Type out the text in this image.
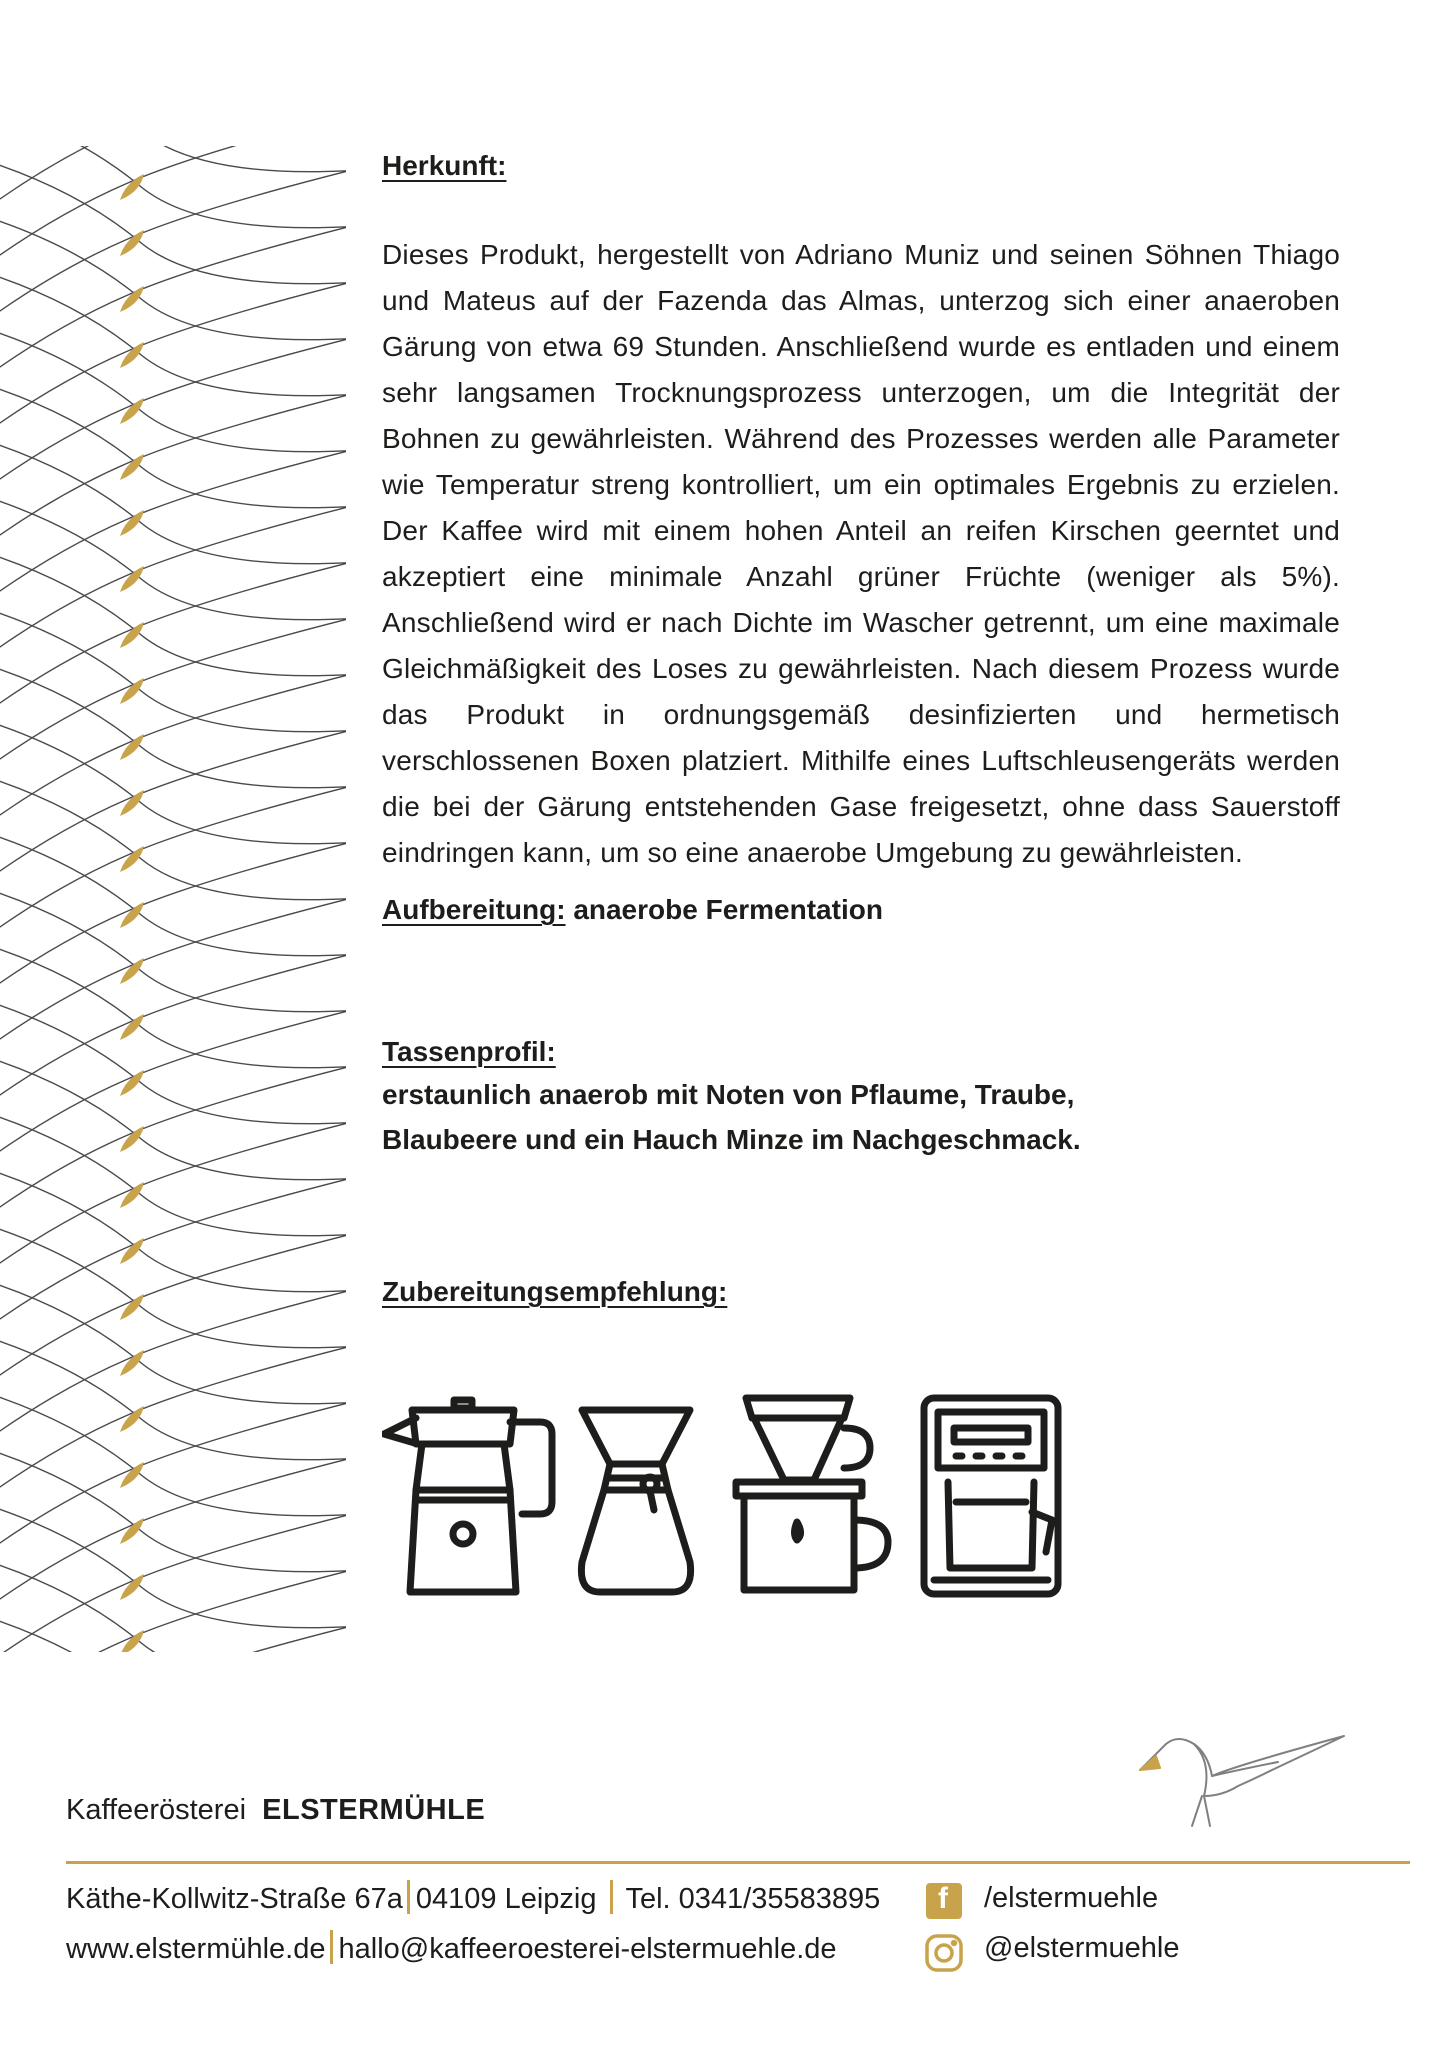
Herkunft:

Dieses Produkt, hergestellt von Adriano Muniz und seinen Söhnen Thiago und Mateus auf der Fazenda das Almas, unterzog sich einer anaeroben Gärung von etwa 69 Stunden. Anschließend wurde es entladen und einem sehr langsamen Trocknungsprozess unterzogen, um die Integrität der Bohnen zu gewährleisten. Während des Prozesses werden alle Parameter wie Temperatur streng kontrolliert, um ein optimales Ergebnis zu erzielen. Der Kaffee wird mit einem hohen Anteil an reifen Kirschen geerntet und akzeptiert eine minimale Anzahl grüner Früchte (weniger als 5%). Anschließend wird er nach Dichte im Wascher getrennt, um eine maximale Gleichmäßigkeit des Loses zu gewährleisten. Nach diesem Prozess wurde das Produkt in ordnungsgemäß desinfizierten und hermetisch verschlossenen Boxen platziert. Mithilfe eines Luftschleusengeräts werden die bei der Gärung entstehenden Gase freigesetzt, ohne dass Sauerstoff eindringen kann, um so eine anaerobe Umgebung zu gewährleisten.

Aufbereitung: anaerobe Fermentation

Tassenprofil:

erstaunlich anaerob mit Noten von Pflaume, Traube,

Blaubeere und ein Hauch Minze im Nachgeschmack.

Zubereitungsempfehlung:

Kaffeerösterei ELSTERMÜHLE
Käthe-Kollwitz-Straße 67a 04109 Leipzig Tel. 0341/35583895
www.elstermühle.de hallo@kaffeeroesterei-elstermuehle.de
f /elstermuehle
@elstermuehle
